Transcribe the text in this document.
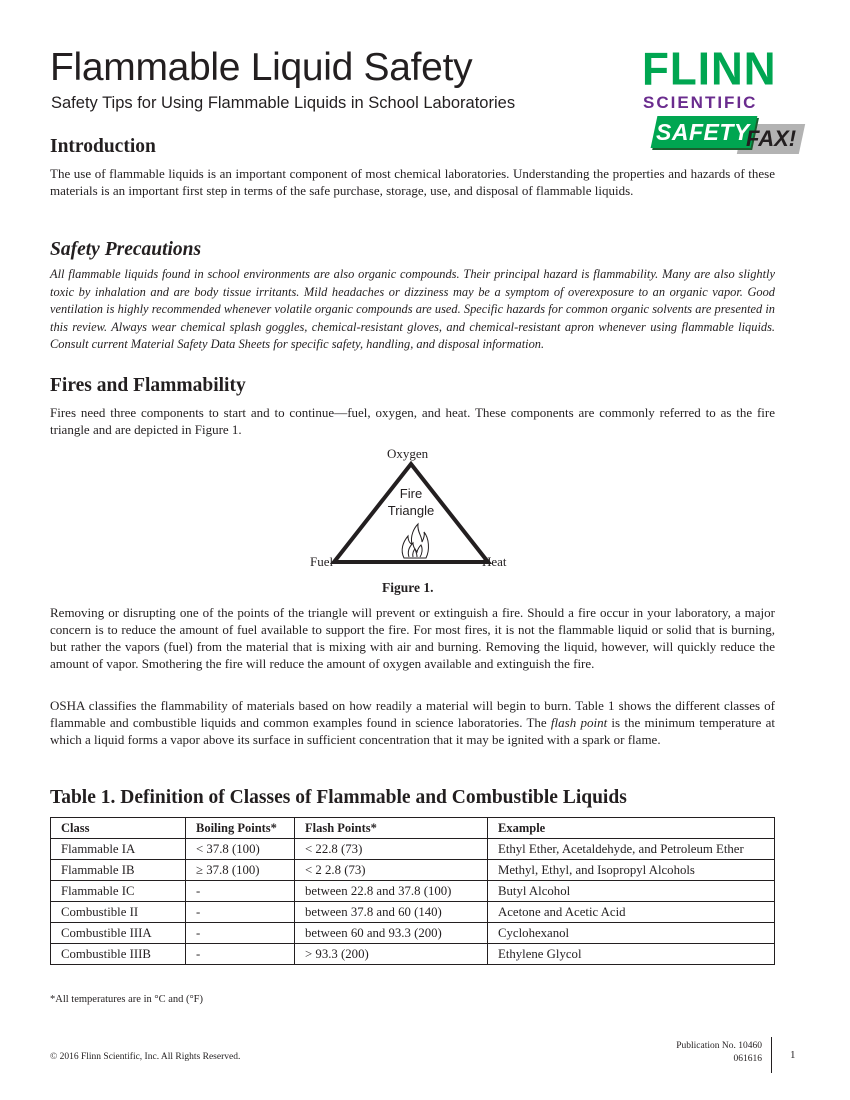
Flammable Liquid Safety
Safety Tips for Using Flammable Liquids in School Laboratories
FLINN
SCIENTIFIC
SAFETY
FAX!
Introduction

The use of flammable liquids is an important component of most chemical laboratories. Understanding the properties and hazards of these materials is an important first step in terms of the safe purchase, storage, use, and disposal of flammable liquids.

Safety Precautions

All flammable liquids found in school environments are also organic compounds. Their principal hazard is flammability. Many are also slightly toxic by inhalation and are body tissue irritants. Mild headaches or dizziness may be a symptom of overexposure to an organic vapor. Good ventilation is highly recommended whenever volatile organic compounds are used. Specific hazards for common organic solvents are presented in this review. Always wear chemical splash goggles, chemical-resistant gloves, and chemical-resistant apron whenever using flammable liquids. Consult current Material Safety Data Sheets for specific safety, handling, and disposal information.

Fires and Flammability

Fires need three components to start and to continue—fuel, oxygen, and heat. These components are commonly referred to as the fire triangle and are depicted in Figure 1.

Oxygen
Fuel	Heat
Fire
Triangle
Figure 1.

Removing or disrupting one of the points of the triangle will prevent or extinguish a fire. Should a fire occur in your laboratory, a major concern is to reduce the amount of fuel available to support the fire. For most fires, it is not the flammable liquid or solid that is burning, but rather the vapors (fuel) from the material that is mixing with air and burning. Removing the liquid, however, will quickly reduce the amount of vapor. Smothering the fire will reduce the amount of oxygen available and extinguish the fire.

OSHA classifies the flammability of materials based on how readily a material will begin to burn. Table 1 shows the different classes of flammable and combustible liquids and common examples found in science laboratories. The flash point is the minimum temperature at which a liquid forms a vapor above its surface in sufficient concentration that it may be ignited with a spark or flame.

Table 1. Definition of Classes of Flammable and Combustible Liquids
Class	Boiling Points*	Flash Points*	Example
Flammable IA	< 37.8 (100)	< 22.8 (73)	Ethyl Ether, Acetaldehyde, and Petroleum Ether
Flammable IB	≥ 37.8 (100)	< 2 2.8 (73)	Methyl, Ethyl, and Isopropyl Alcohols
Flammable IC	-	between 22.8 and 37.8 (100)	Butyl Alcohol
Combustible II	-	between 37.8 and 60 (140)	Acetone and Acetic Acid
Combustible IIIA	-	between 60 and 93.3 (200)	Cyclohexanol
Combustible IIIB	-	> 93.3 (200)	Ethylene Glycol
*All temperatures are in °C and (°F)
© 2016 Flinn Scientific, Inc. All Rights Reserved.
Publication No. 10460
061616	1
